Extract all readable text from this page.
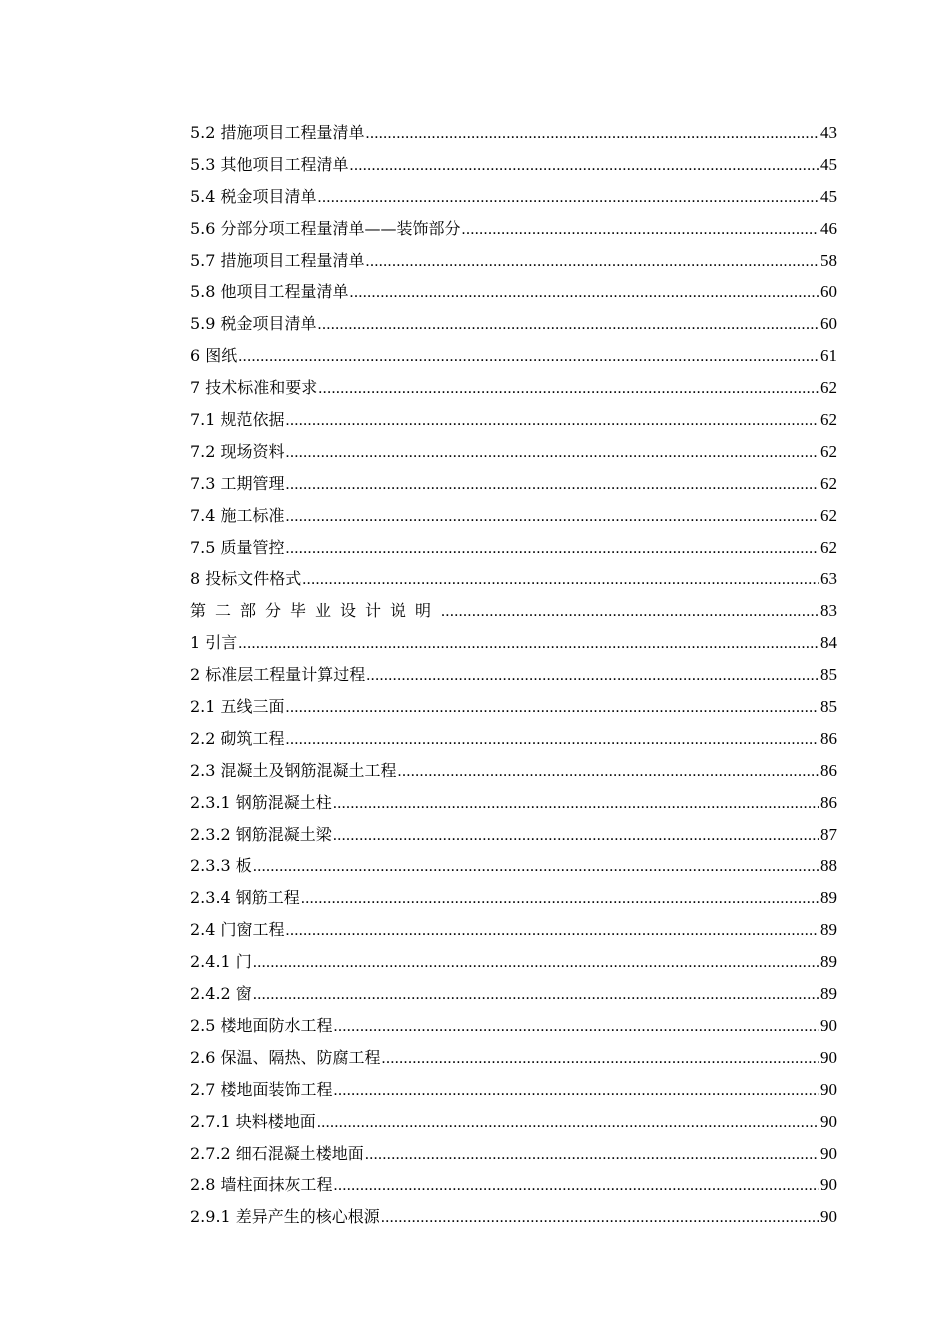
5.2 措施项目工程量清单 .....	43
5.3 其他项目工程清单 .....	45
5.4 税金项目清单 .....	45
5.6 分部分项工程量清单——装饰部分 .....	46
5.7 措施项目工程量清单 .....	58
5.8 他项目工程量清单 .....	60
5.9 税金项目清单 .....	60
6 图纸 .....	61
7 技术标准和要求 .....	62
7.1 规范依据 .....	62
7.2 现场资料 .....	62
7.3 工期管理 .....	62
7.4 施工标准 .....	62
7.5 质量管控 .....	62
8 投标文件格式 .....	63
第二部分毕业设计说明 .....	83
1 引言 .....	84
2 标准层工程量计算过程 .....	85
2.1 五线三面 .....	85
2.2 砌筑工程 .....	86
2.3 混凝土及钢筋混凝土工程 .....	86
2.3.1 钢筋混凝土柱 .....	86
2.3.2 钢筋混凝土梁 .....	87
2.3.3 板 .....	88
2.3.4 钢筋工程 .....	89
2.4 门窗工程 .....	89
2.4.1 门 .....	89
2.4.2 窗 .....	89
2.5 楼地面防水工程 .....	90
2.6 保温、隔热、防腐工程 .....	90
2.7 楼地面装饰工程 .....	90
2.7.1 块料楼地面 .....	90
2.7.2 细石混凝土楼地面 .....	90
2.8 墙柱面抹灰工程 .....	90
2.9.1 差异产生的核心根源 .....	90
